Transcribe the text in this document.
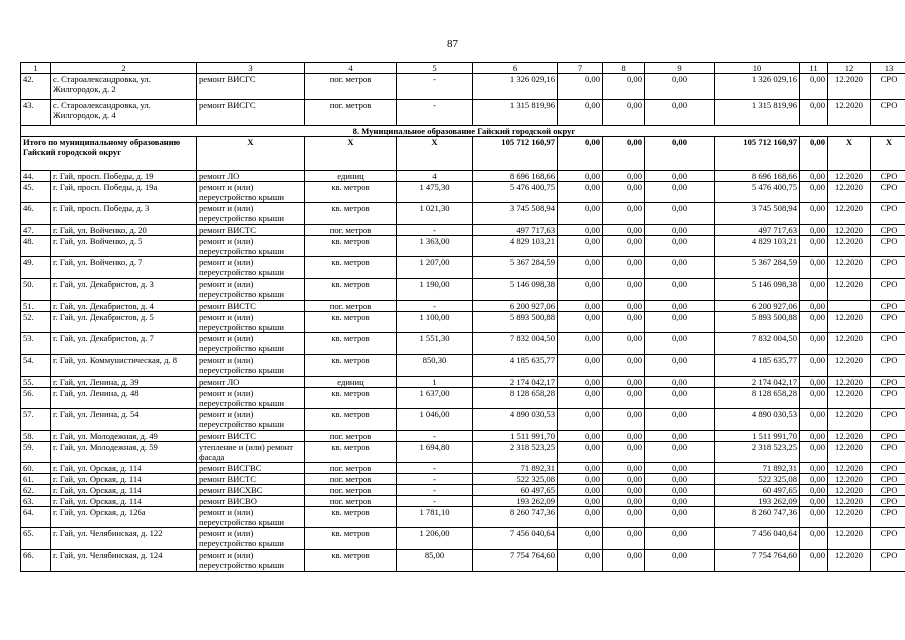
87
1	2	3	4	5	6	7	8	9	10	11	12	13
42.	с. Староалександровка, ул. Жилгородок, д. 2	ремонт ВИСГС	пог. метров	-	1 326 029,16	0,00	0,00	0,00	1 326 029,16	0,00	12.2020	СРО
43.	с. Староалександровка, ул. Жилгородок, д. 4	ремонт ВИСГС	пог. метров	-	1 315 819,96	0,00	0,00	0,00	1 315 819,96	0,00	12.2020	СРО
8. Муниципальное образование Гайский городской округ												
Итого по муниципальному образованию Гайский городской округ		X	X	X	105 712 160,97	0,00	0,00	0,00	105 712 160,97	0,00	X	X
44.	г. Гай, просп. Победы, д. 19	ремонт ЛО	единиц	4	8 696 168,66	0,00	0,00	0,00	8 696 168,66	0,00	12.2020	СРО
45.	г. Гай, просп. Победы, д. 19а	ремонт и (или) переустройство крыши	кв. метров	1 475,30	5 476 400,75	0,00	0,00	0,00	5 476 400,75	0,00	12.2020	СРО
46.	г. Гай, просп. Победы, д. 3	ремонт и (или) переустройство крыши	кв. метров	1 021,30	3 745 508,94	0,00	0,00	0,00	3 745 508,94	0,00	12.2020	СРО
47.	г. Гай, ул. Войченко, д. 20	ремонт ВИСТС	пог. метров	-	497 717,63	0,00	0,00	0,00	497 717,63	0,00	12.2020	СРО
48.	г. Гай, ул. Войченко, д. 5	ремонт и (или) переустройство крыши	кв. метров	1 363,00	4 829 103,21	0,00	0,00	0,00	4 829 103,21	0,00	12.2020	СРО
49.	г. Гай, ул. Войченко, д. 7	ремонт и (или) переустройство крыши	кв. метров	1 207,00	5 367 284,59	0,00	0,00	0,00	5 367 284,59	0,00	12.2020	СРО
50.	г. Гай, ул. Декабристов, д. 3	ремонт и (или) переустройство крыши	кв. метров	1 190,00	5 146 098,38	0,00	0,00	0,00	5 146 098,38	0,00	12.2020	СРО
51.	г. Гай, ул. Декабристов, д. 4	ремонт ВИСТС	пог. метров	-	6 200 927,06	0,00	0,00	0,00	6 200 927,06	0,00		СРО
52.	г. Гай, ул. Декабристов, д. 5	ремонт и (или) переустройство крыши	кв. метров	1 100,00	5 893 500,88	0,00	0,00	0,00	5 893 500,88	0,00	12.2020	СРО
53.	г. Гай, ул. Декабристов, д. 7	ремонт и (или) переустройство крыши	кв. метров	1 551,30	7 832 004,50	0,00	0,00	0,00	7 832 004,50	0,00	12.2020	СРО
54.	г. Гай, ул. Коммунистическая, д. 8	ремонт и (или) переустройство крыши	кв. метров	850,30	4 185 635,77	0,00	0,00	0,00	4 185 635,77	0,00	12.2020	СРО
55.	г. Гай, ул. Ленина, д. 39	ремонт ЛО	единиц	1	2 174 042,17	0,00	0,00	0,00	2 174 042,17	0,00	12.2020	СРО
56.	г. Гай, ул. Ленина, д. 48	ремонт и (или) переустройство крыши	кв. метров	1 637,00	8 128 658,28	0,00	0,00	0,00	8 128 658,28	0,00	12.2020	СРО
57.	г. Гай, ул. Ленина, д. 54	ремонт и (или) переустройство крыши	кв. метров	1 046,00	4 890 030,53	0,00	0,00	0,00	4 890 030,53	0,00	12.2020	СРО
58.	г. Гай, ул. Молодежная, д. 49	ремонт ВИСТС	пог. метров	-	1 511 991,70	0,00	0,00	0,00	1 511 991,70	0,00	12.2020	СРО
59.	г. Гай, ул. Молодежная, д. 59	утепление и (или) ремонт фасада	кв. метров	1 694,80	2 318 523,25	0,00	0,00	0,00	2 318 523,25	0,00	12.2020	СРО
60.	г. Гай, ул. Орская, д. 114	ремонт ВИСГВС	пог. метров	-	71 892,31	0,00	0,00	0,00	71 892,31	0,00	12.2020	СРО
61.	г. Гай, ул. Орская, д. 114	ремонт ВИСТС	пог. метров	-	522 325,08	0,00	0,00	0,00	522 325,08	0,00	12.2020	СРО
62.	г. Гай, ул. Орская, д. 114	ремонт ВИСХВС	пог. метров	-	60 497,65	0,00	0,00	0,00	60 497,65	0,00	12.2020	СРО
63.	г. Гай, ул. Орская, д. 114	ремонт ВИСВО	пог. метров	-	193 262,09	0,00	0,00	0,00	193 262,09	0,00	12.2020	СРО
64.	г. Гай, ул. Орская, д. 126а	ремонт и (или) переустройство крыши	кв. метров	1 781,10	8 260 747,36	0,00	0,00	0,00	8 260 747,36	0,00	12.2020	СРО
65.	г. Гай, ул. Челябинская, д. 122	ремонт и (или) переустройство крыши	кв. метров	1 206,00	7 456 040,64	0,00	0,00	0,00	7 456 040,64	0,00	12.2020	СРО
66.	г. Гай, ул. Челябинская, д. 124	ремонт и (или) переустройство крыши	кв. метров	85,00	7 754 764,60	0,00	0,00	0,00	7 754 764,60	0,00	12.2020	СРО
